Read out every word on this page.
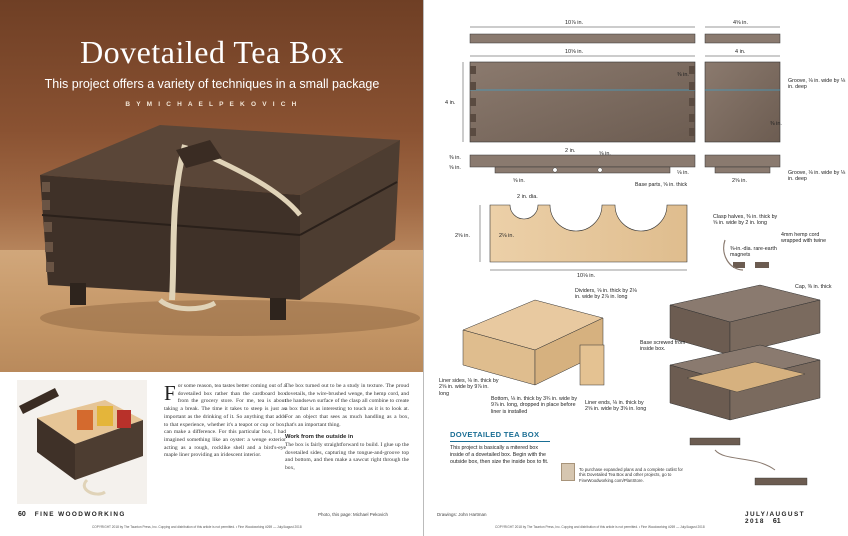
Dovetailed Tea Box
This project offers a variety of techniques in a small package
B Y M I C H A E L P E K O V I C H
F or some reason, tea tastes better coming out of a dovetailed box rather than the cardboard box from the grocery store. For me, tea is about taking a break. The time it takes to steep is just as important as the drinking of it. So anything that adds to that experience, whether it's a teapot or cup or box, can make a difference. For this particular box, I had imagined something like an oyster: a wenge exterior acting as a rough, rocklike shell and a bird's-eye maple liner providing an iridescent interior.

The box turned out to be a study in texture. The proud dovetails, the wire-brushed wenge, the hemp cord, and the handsewn surface of the clasp all combine to create a box that is as interesting to touch as it is to look at. For an object that sees as much handling as a box, that's an important thing.

Work from the outside in

The box is fairly straightforward to build. I glue up the dovetailed sides, capturing the tongue-and-groove top and bottom, and then make a sawcut right through the box,

60 FINE WOODWORKING	Photo, this page: Michael Pekovich
COPYRIGHT 2018 by The Taunton Press, Inc. Copying and distribution of this article is not permitted. • Fine Woodworking #269 — July/August 2018
10⅞ in.	4⅝ in.
10⅝ in.
4 in.
⅜ in.
4 in.
Groove, ⅛ in. wide by ⅛ in. deep
⅜ in.
2 in.	⅝ in.
⅜ in.
⅝ in.
⅛ in.
⅝ in.
Base parts, ⅝ in. thick
2⅝ in.
Groove, ⅛ in. wide by ⅛ in. deep
2 in. dia.
2⅝ in.	2⅛ in.
10⅛ in.
Clasp halves, ⅜ in. thick by ⅝ in. wide by 2 in. long
⅜-in.-dia. rare-earth magnets
4mm hemp cord wrapped with twine
Cap, ⅜ in. thick
Dividers, ⅛ in. thick by 2⅛ in. wide by 2⅞ in. long
Base screwed from inside box.
Liner sides, ⅛ in. thick by 2⅝ in. wide by 9⅞ in. long
Bottom, ⅛ in. thick by 3¾ in. wide by 9⅞ in. long, dropped in place before liner is installed
Liner ends, ⅛ in. thick by 2⅝ in. wide by 3⅝ in. long
DOVETAILED TEA BOX
This project is basically a mitered box inside of a dovetailed box. Begin with the outside box, then size the inside box to fit.
To purchase expanded plans and a complete cutlist for this Dovetailed Tea Box and other projects, go to FineWoodworking.com/PlanStore.
Drawings: John Hartman	JULY/AUGUST 2018 61
COPYRIGHT 2018 by The Taunton Press, Inc. Copying and distribution of this article is not permitted. • Fine Woodworking #269 — July/August 2018
